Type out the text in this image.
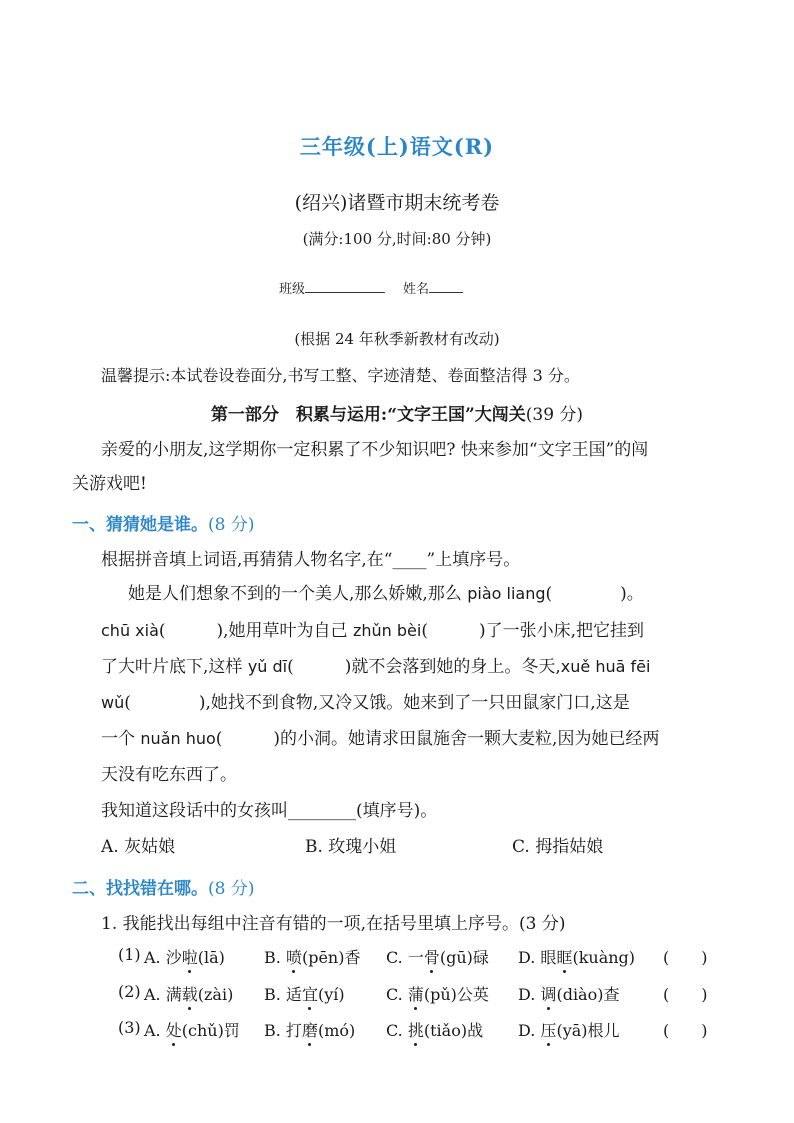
三年级(上)语文(R)
(绍兴)诸暨市期末统考卷
(满分:100 分,时间:80 分钟)
班级	姓名
(根据 24 年秋季新教材有改动)
温馨提示:本试卷设卷面分,书写工整、字迹清楚、卷面整洁得 3 分。
第一部分　积累与运用:“文字王国”大闯关(39 分)
亲爱的小朋友,这学期你一定积累了不少知识吧? 快来参加“文字王国”的闯
关游戏吧!
一、猜猜她是谁。(8 分)
根据拼音填上词语,再猜猜人物名字,在“____”上填序号。
她是人们想象不到的一个美人,那么娇嫩,那么 piào liang(　　　　)。
chū xià(　　　),她用草叶为自己 zhǔn bèi(　　　)了一张小床,把它挂到
了大叶片底下,这样 yǔ dī(　　　)就不会落到她的身上。冬天,xuě huā fēi
wǔ(　　　　),她找不到食物,又冷又饿。她来到了一只田鼠家门口,这是
一个 nuǎn huo(　　　)的小洞。她请求田鼠施舍一颗大麦粒,因为她已经两
天没有吃东西了。
我知道这段话中的女孩叫________(填序号)。
A. 灰姑娘	B. 玫瑰小姐	C. 拇指姑娘
二、找找错在哪。(8 分)
1. 我能找出每组中注音有错的一项,在括号里填上序号。(3 分)
(1) A. 沙啦(lā) B. 喷(pēn)香 C. 一骨(gū)碌 D. 眼眶(kuàng) (　　)
(2) A. 满载(zài) B. 适宜(yí)	C. 蒲(pǔ)公英 D. 调(diào)查	(　　)
(3) A. 处(chǔ)罚 B. 打磨(mó) C. 挑(tiǎo)战 D. 压(yā)根儿	(　　)
